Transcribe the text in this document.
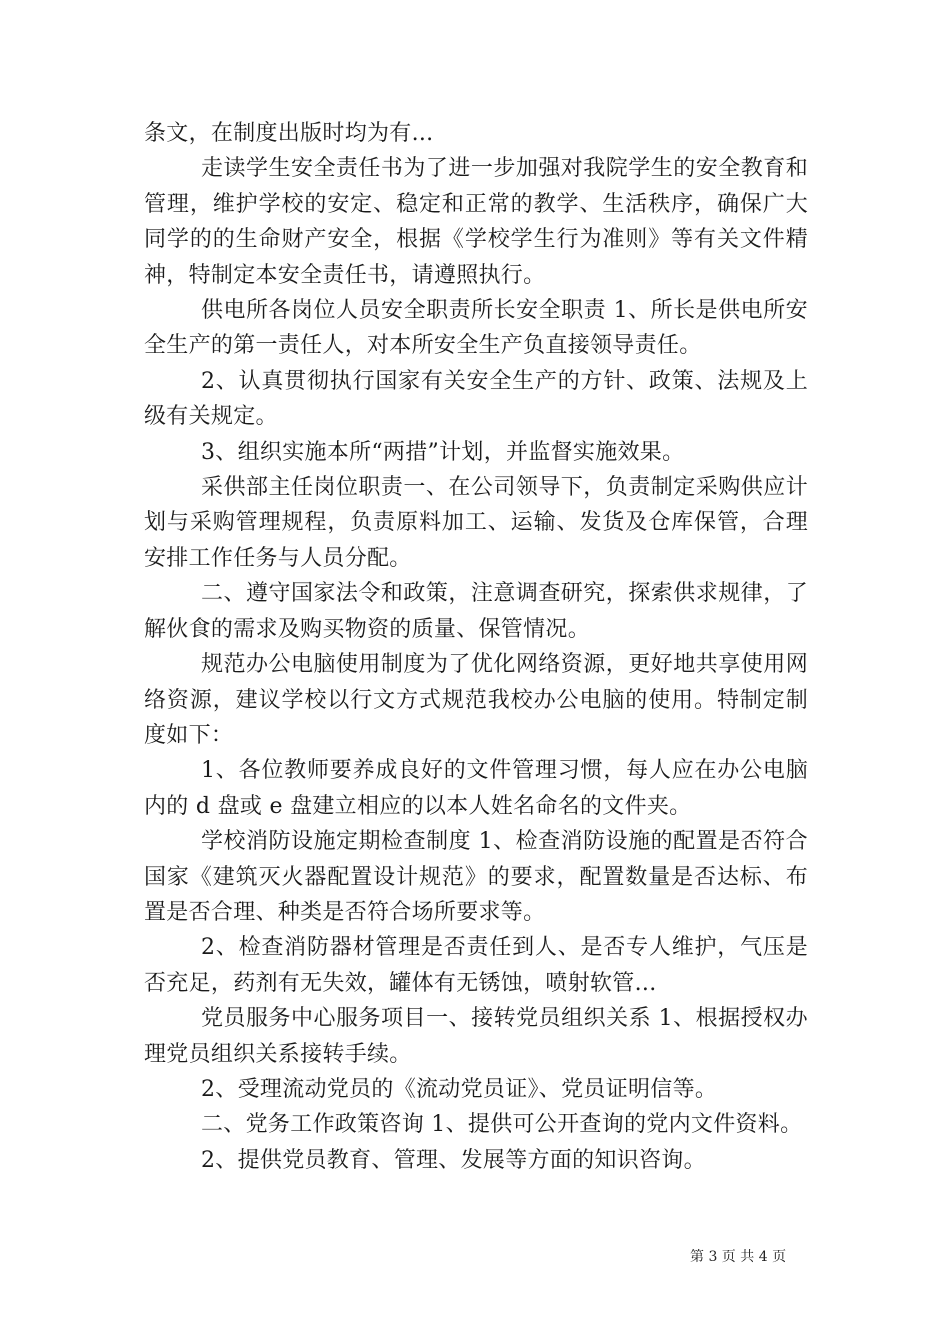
条文，在制度出版时均为有...

走读学生安全责任书为了进一步加强对我院学生的安全教育和管理，维护学校的安定、稳定和正常的教学、生活秩序，确保广大同学的的生命财产安全，根据《学校学生行为准则》等有关文件精神，特制定本安全责任书，请遵照执行。

供电所各岗位人员安全职责所长安全职责 1、所长是供电所安全生产的第一责任人，对本所安全生产负直接领导责任。

2、认真贯彻执行国家有关安全生产的方针、政策、法规及上级有关规定。

3、组织实施本所“两措”计划，并监督实施效果。

采供部主任岗位职责一、在公司领导下，负责制定采购供应计划与采购管理规程，负责原料加工、运输、发货及仓库保管，合理安排工作任务与人员分配。

二、遵守国家法令和政策，注意调查研究，探索供求规律，了解伙食的需求及购买物资的质量、保管情况。

规范办公电脑使用制度为了优化网络资源，更好地共享使用网络资源，建议学校以行文方式规范我校办公电脑的使用。特制定制度如下：

1、各位教师要养成良好的文件管理习惯，每人应在办公电脑内的 d 盘或 e 盘建立相应的以本人姓名命名的文件夹。

学校消防设施定期检查制度 1、检查消防设施的配置是否符合国家《建筑灭火器配置设计规范》的要求，配置数量是否达标、布置是否合理、种类是否符合场所要求等。

2、检查消防器材管理是否责任到人、是否专人维护，气压是否充足，药剂有无失效，罐体有无锈蚀，喷射软管...

党员服务中心服务项目一、接转党员组织关系 1、根据授权办理党员组织关系接转手续。

2、受理流动党员的《流动党员证》、党员证明信等。

二、党务工作政策咨询 1、提供可公开查询的党内文件资料。

2、提供党员教育、管理、发展等方面的知识咨询。

第 3 页 共 4 页
